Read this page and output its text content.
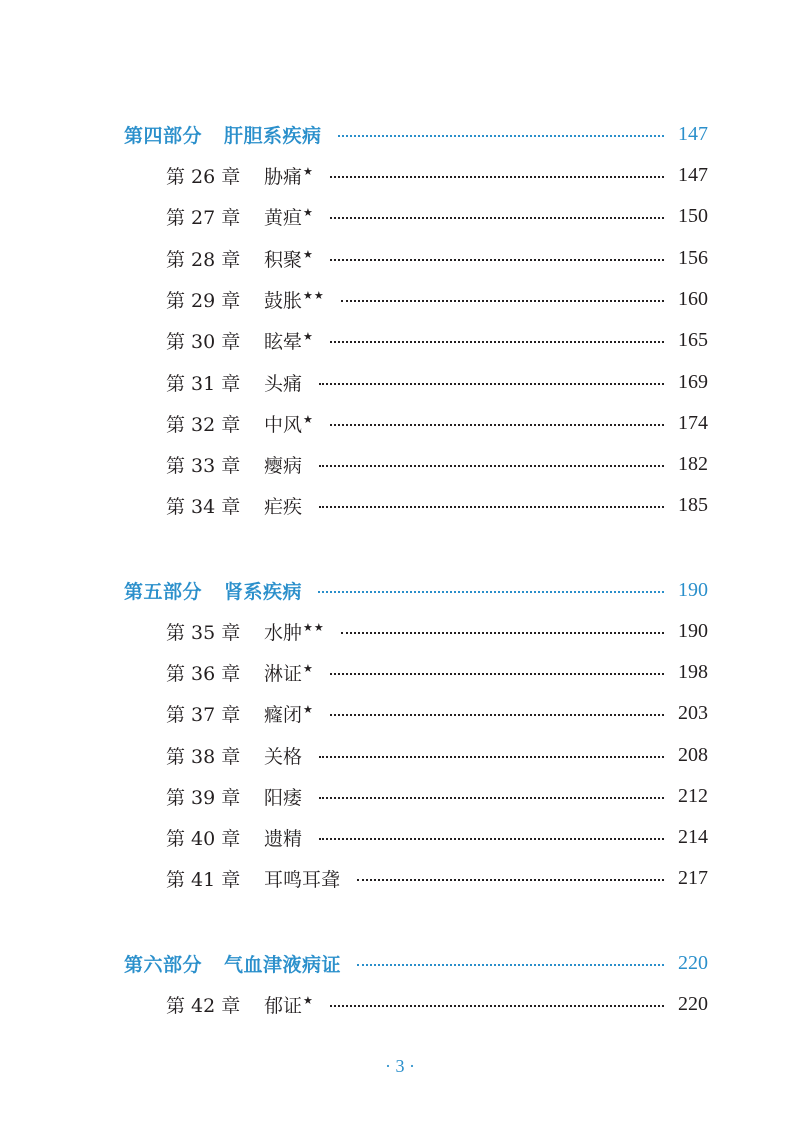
第四部分 肝胆系疾病	147
第 26 章	胁痛★	147
第 27 章	黄疸★	150
第 28 章	积聚★	156
第 29 章	鼓胀★★	160
第 30 章	眩晕★	165
第 31 章	头痛	169
第 32 章	中风★	174
第 33 章	瘿病	182
第 34 章	疟疾	185
第五部分 肾系疾病	190
第 35 章	水肿★★	190
第 36 章	淋证★	198
第 37 章	癃闭★	203
第 38 章	关格	208
第 39 章	阳痿	212
第 40 章	遗精	214
第 41 章	耳鸣耳聋	217
第六部分 气血津液病证	220
第 42 章	郁证★	220
· 3 ·
